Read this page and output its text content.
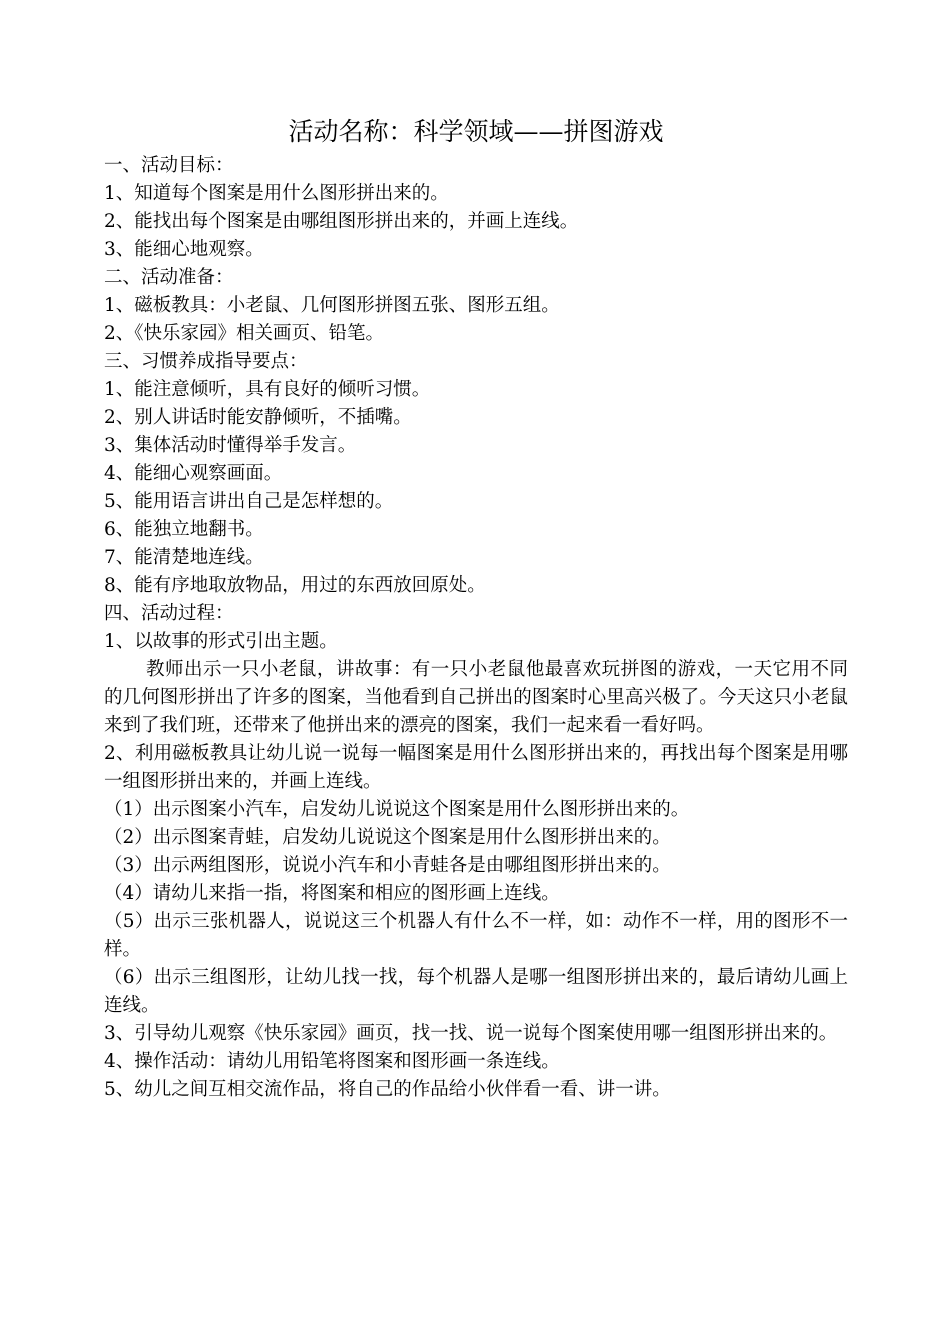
活动名称：科学领域——拼图游戏
一、活动目标：
1、知道每个图案是用什么图形拼出来的。
2、能找出每个图案是由哪组图形拼出来的，并画上连线。
3、能细心地观察。
二、活动准备：
1、磁板教具：小老鼠、几何图形拼图五张、图形五组。
2、《快乐家园》相关画页、铅笔。
三、习惯养成指导要点：
1、能注意倾听，具有良好的倾听习惯。
2、别人讲话时能安静倾听，不插嘴。
3、集体活动时懂得举手发言。
4、能细心观察画面。
5、能用语言讲出自己是怎样想的。
6、能独立地翻书。
7、能清楚地连线。
8、能有序地取放物品，用过的东西放回原处。
四、活动过程：
1、以故事的形式引出主题。
教师出示一只小老鼠，讲故事：有一只小老鼠他最喜欢玩拼图的游戏，一天它用不同的几何图形拼出了许多的图案，当他看到自己拼出的图案时心里高兴极了。今天这只小老鼠来到了我们班，还带来了他拼出来的漂亮的图案，我们一起来看一看好吗。
2、利用磁板教具让幼儿说一说每一幅图案是用什么图形拼出来的，再找出每个图案是用哪一组图形拼出来的，并画上连线。
（1）出示图案小汽车，启发幼儿说说这个图案是用什么图形拼出来的。
（2）出示图案青蛙，启发幼儿说说这个图案是用什么图形拼出来的。
（3）出示两组图形，说说小汽车和小青蛙各是由哪组图形拼出来的。
（4）请幼儿来指一指，将图案和相应的图形画上连线。
（5）出示三张机器人，说说这三个机器人有什么不一样，如：动作不一样，用的图形不一样。
（6）出示三组图形，让幼儿找一找，每个机器人是哪一组图形拼出来的，最后请幼儿画上连线。
3、引导幼儿观察《快乐家园》画页，找一找、说一说每个图案使用哪一组图形拼出来的。
4、操作活动：请幼儿用铅笔将图案和图形画一条连线。
5、幼儿之间互相交流作品，将自己的作品给小伙伴看一看、讲一讲。
